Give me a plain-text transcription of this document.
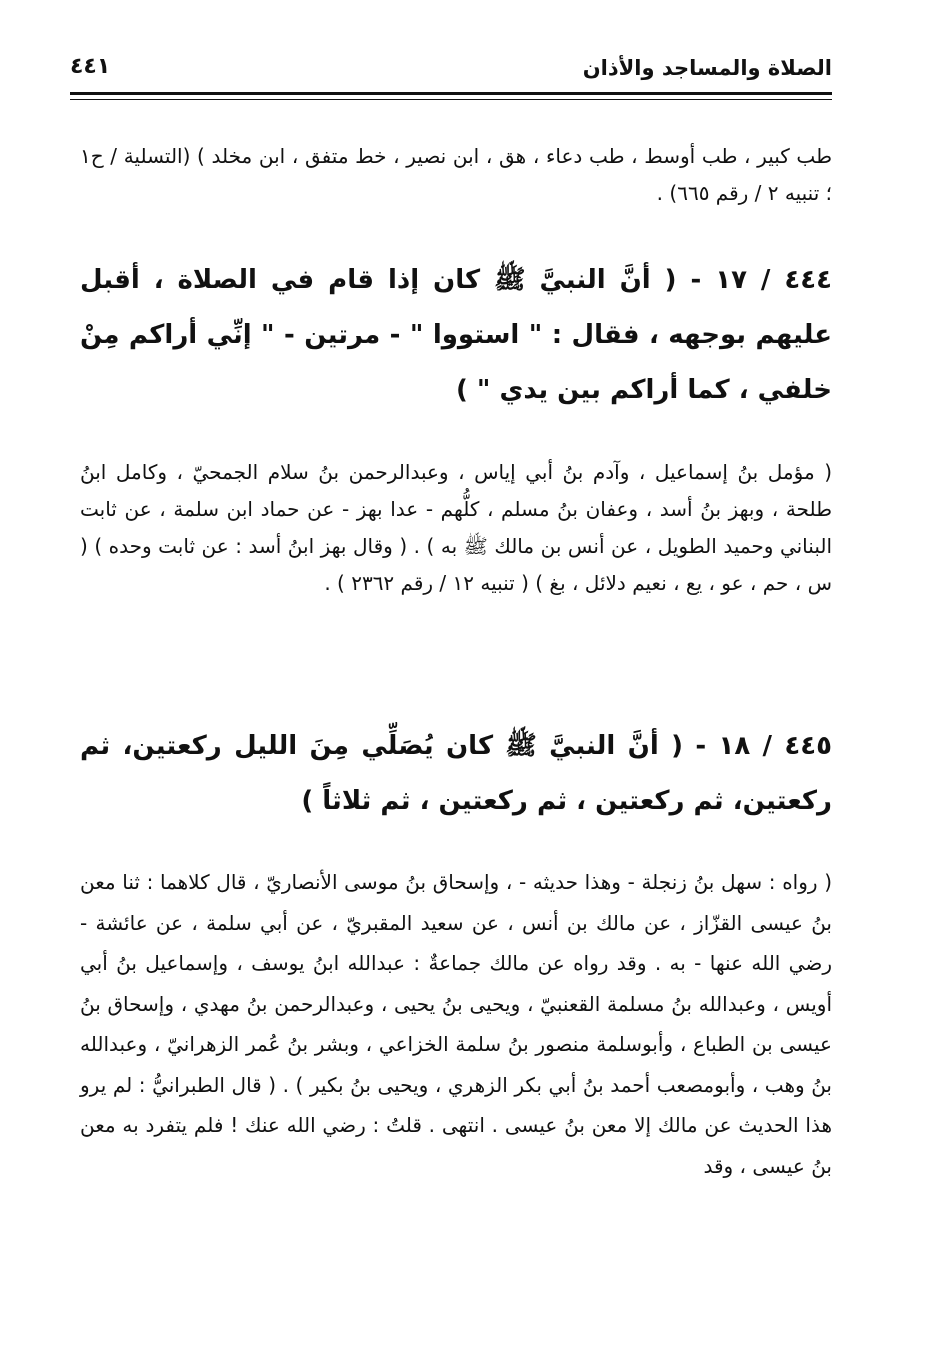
الصلاة والمساجد والأذان
٤٤١

طب كبير ، طب أوسط ، طب دعاء ، هق ، ابن نصير ، خط متفق ، ابن مخلد ) (التسلية / ح١ ؛ تنبيه ٢ / رقم ٦٦٥) .

٤٤٤ / ١٧ - ( أنَّ النبيَّ ﷺ كان إذا قام في الصلاة ، أقبل عليهم بوجهه ، فقال : " استووا " - مرتين - " إنِّي أراكم مِنْ خلفي ، كما أراكم بين يدي " )

( مؤمل بنُ إسماعيل ، وآدم بنُ أبي إياس ، وعبدالرحمن بنُ سلام الجمحيّ ، وكامل ابنُ طلحة ، وبهز بنُ أسد ، وعفان بنُ مسلم ، كلُّهم - عدا بهز - عن حماد ابن سلمة ، عن ثابت البناني وحميد الطويل ، عن أنس بن مالك ﷺ به ) . ( وقال بهز ابنُ أسد : عن ثابت وحده ) ( س ، حم ، عو ، يع ، نعيم دلائل ، بغ ) ( تنبيه ١٢ / رقم ٢٣٦٢ ) .

٤٤٥ / ١٨ - ( أنَّ النبيَّ ﷺ كان يُصَلِّي مِنَ الليل ركعتين، ثم ركعتين، ثم ركعتين ، ثم ركعتين ، ثم ثلاثاً )

( رواه : سهل بنُ زنجلة - وهذا حديثه - ، وإسحاق بنُ موسى الأنصاريّ ، قال كلاهما : ثنا معن بنُ عيسى القزّاز ، عن مالك بن أنس ، عن سعيد المقبريّ ، عن أبي سلمة ، عن عائشة - رضي الله عنها - به . وقد رواه عن مالك جماعةٌ : عبدالله ابنُ يوسف ، وإسماعيل بنُ أبي أويس ، وعبدالله بنُ مسلمة القعنبيّ ، ويحيى بنُ يحيى ، وعبدالرحمن بنُ مهدي ، وإسحاق بنُ عيسى بن الطباع ، وأبوسلمة منصور بنُ سلمة الخزاعي ، وبشر بنُ عُمر الزهرانيّ ، وعبدالله بنُ وهب ، وأبومصعب أحمد بنُ أبي بكر الزهري ، ويحيى بنُ بكير ) . ( قال الطبرانيُّ : لم يرو هذا الحديث عن مالك إلا معن بنُ عيسى . انتهى . قلتُ : رضي الله عنك ! فلم يتفرد به معن بنُ عيسى ، وقد
